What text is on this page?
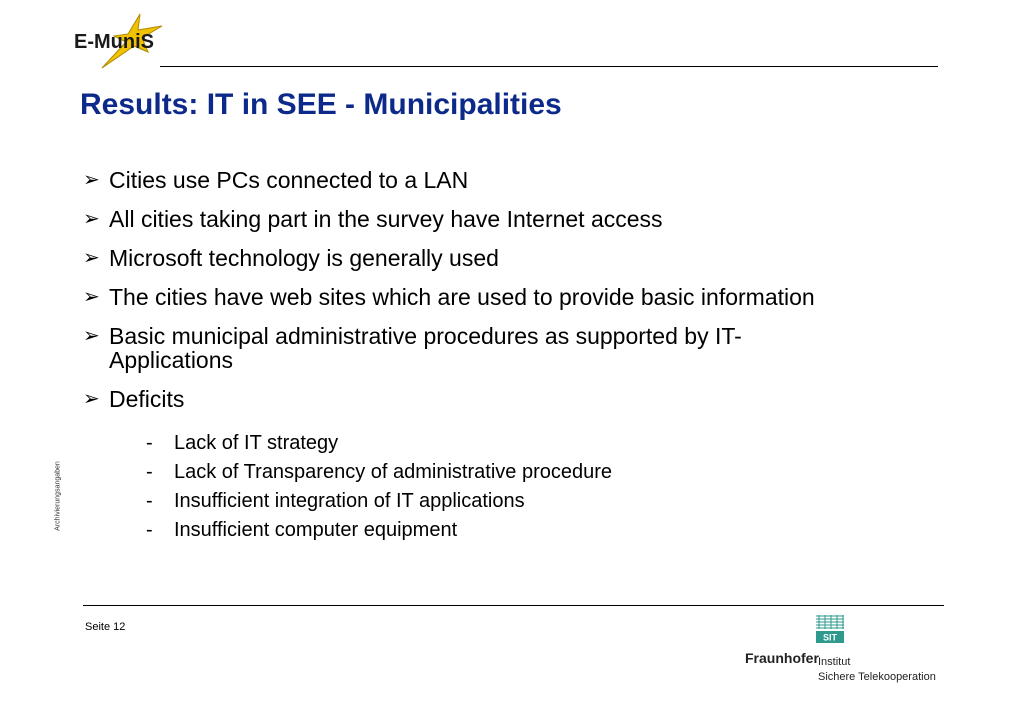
E-MuniS
Results: IT in SEE - Municipalities
➢ Cities use PCs connected to a LAN
➢ All cities taking part in the survey have Internet access
➢ Microsoft technology is generally used
➢ The cities have web sites which are used to provide basic information
➢ Basic municipal administrative procedures as supported by IT-Applications
➢ Deficits
- Lack of IT strategy
- Lack of Transparency of administrative procedure
- Insufficient integration of IT applications
- Insufficient computer equipment
Archivierungsangaben
Seite 12
SIT
Fraunhofer Institut
Sichere Telekooperation
